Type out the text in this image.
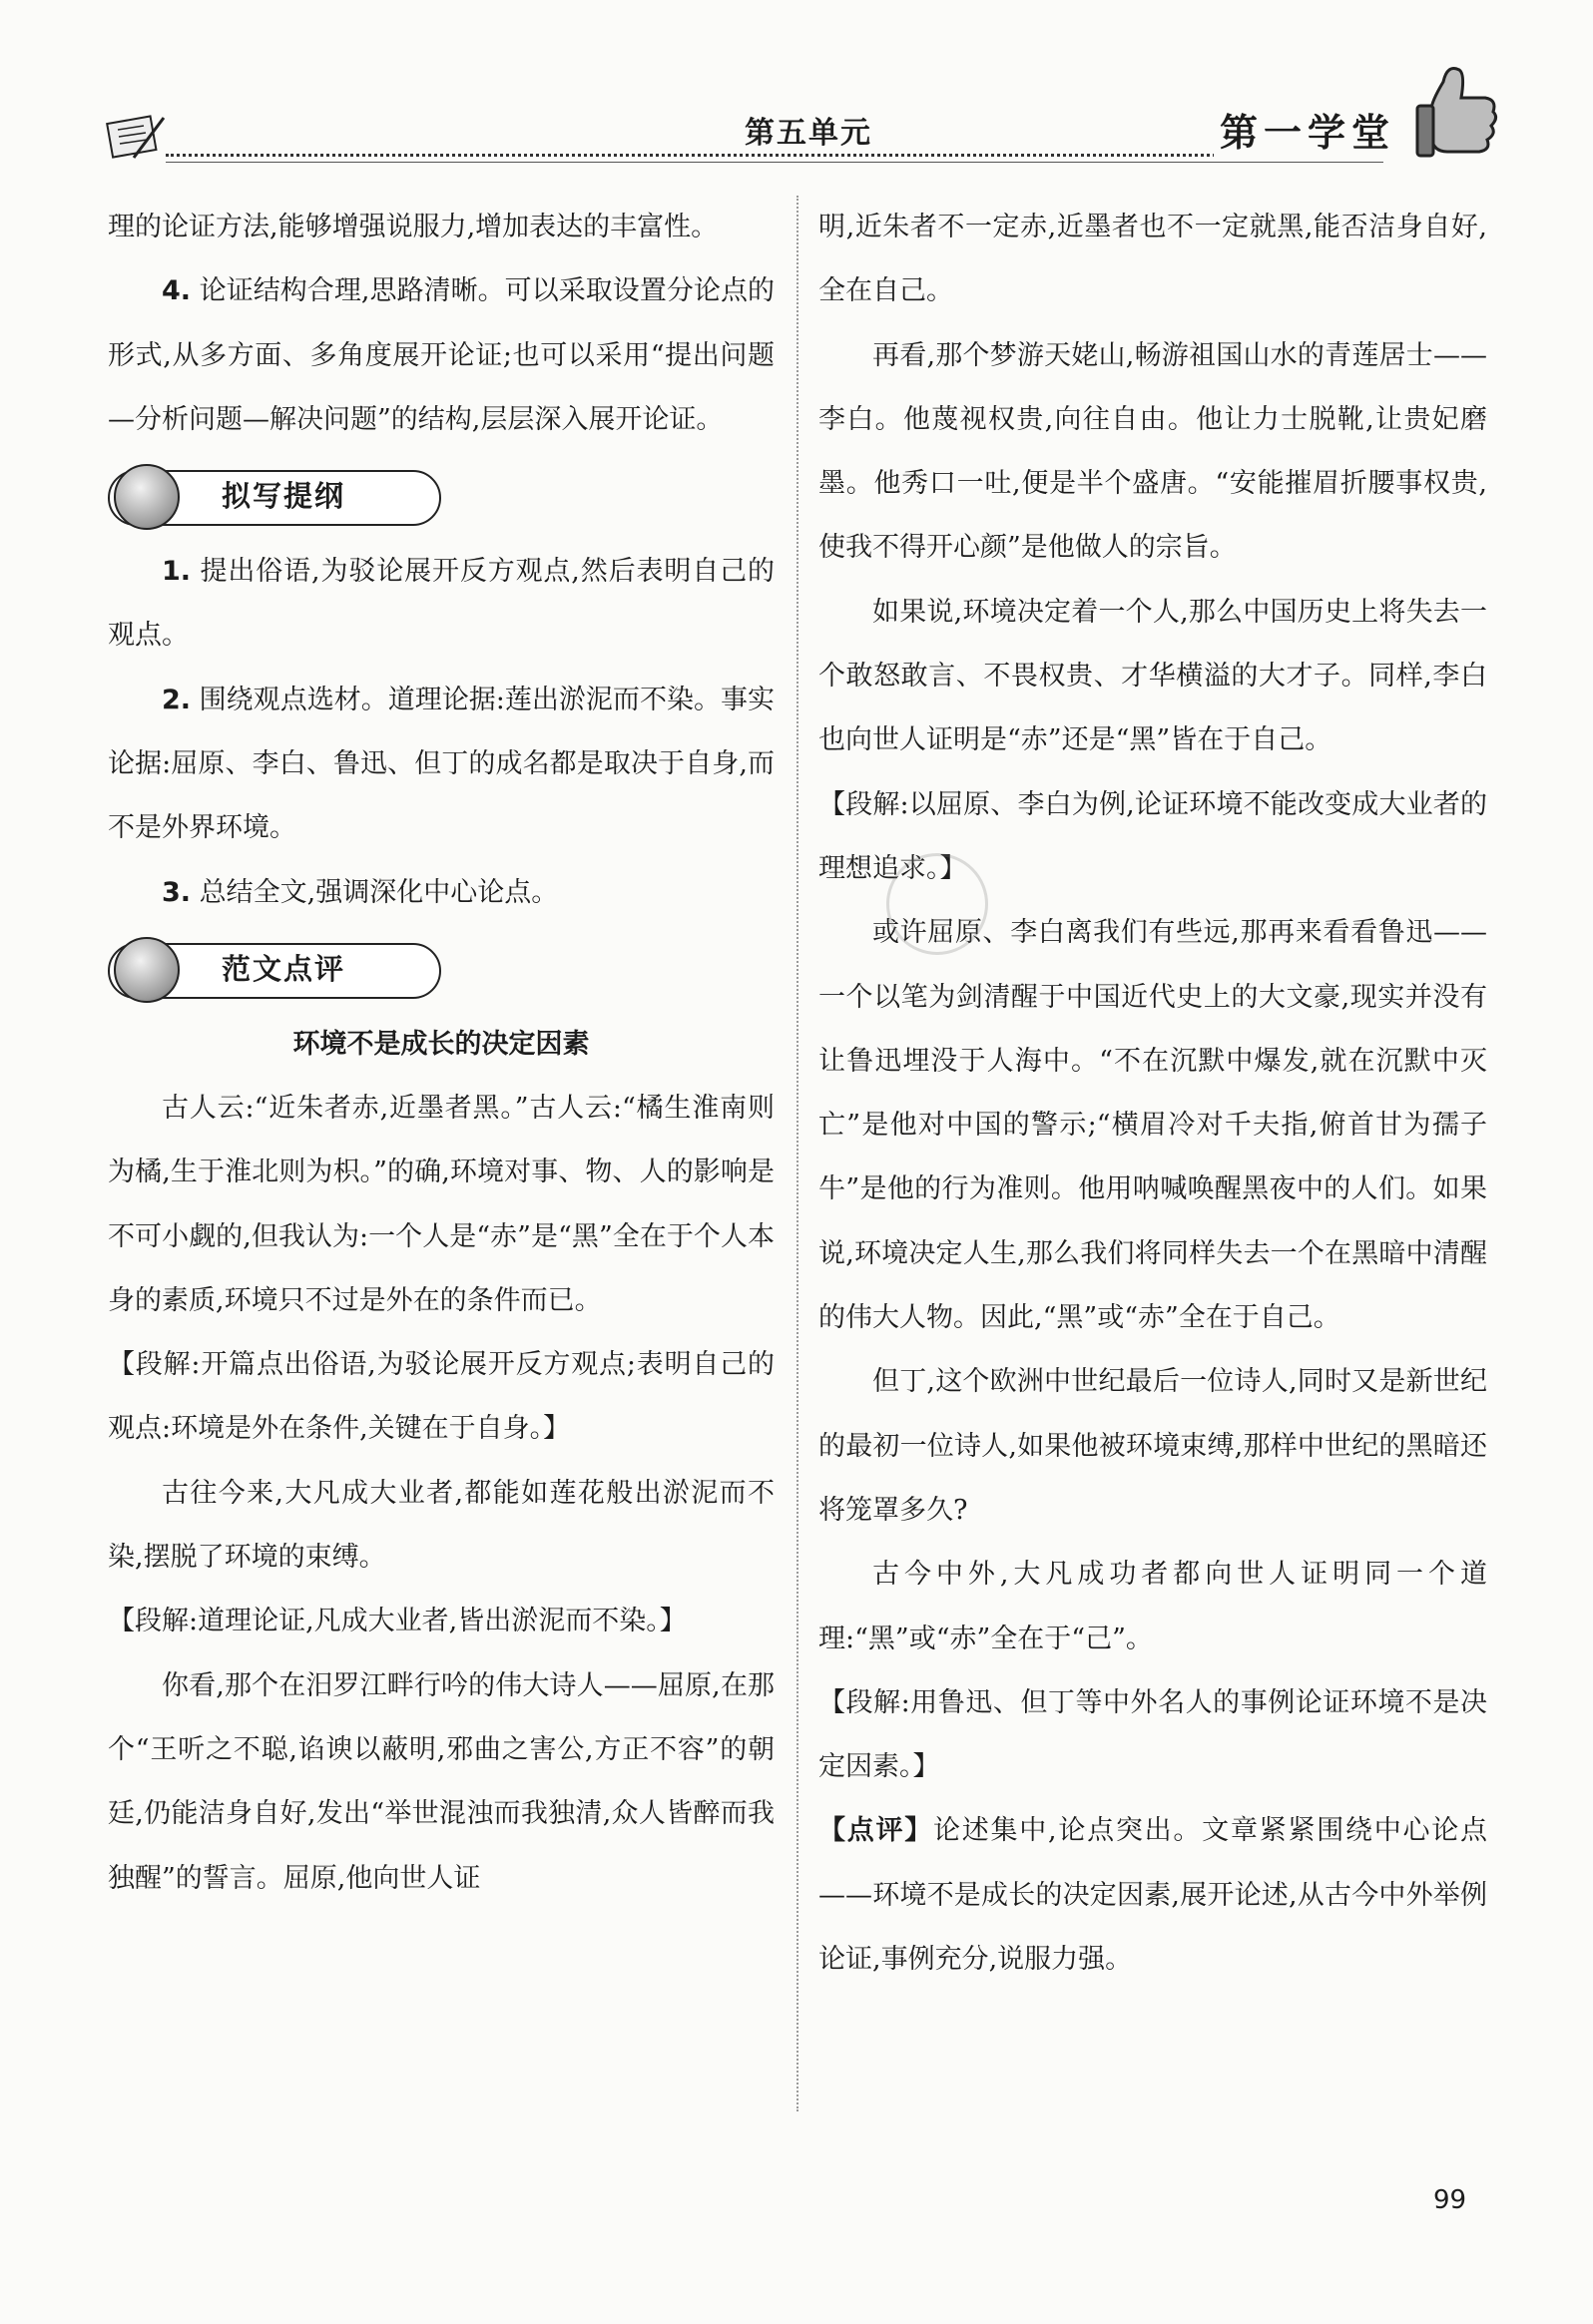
第五单元	第一学堂

理的论证方法,能够增强说服力,增加表达的丰富性。

4. 论证结构合理,思路清晰。可以采取设置分论点的形式,从多方面、多角度展开论证;也可以采用“提出问题—分析问题—解决问题”的结构,层层深入展开论证。

拟写提纲

1. 提出俗语,为驳论展开反方观点,然后表明自己的观点。

2. 围绕观点选材。道理论据:莲出淤泥而不染。事实论据:屈原、李白、鲁迅、但丁的成名都是取决于自身,而不是外界环境。

3. 总结全文,强调深化中心论点。

范文点评

环境不是成长的决定因素

古人云:“近朱者赤,近墨者黑。”古人云:“橘生淮南则为橘,生于淮北则为枳。”的确,环境对事、物、人的影响是不可小觑的,但我认为:一个人是“赤”是“黑”全在于个人本身的素质,环境只不过是外在的条件而已。

【段解:开篇点出俗语,为驳论展开反方观点;表明自己的观点:环境是外在条件,关键在于自身。】

古往今来,大凡成大业者,都能如莲花般出淤泥而不染,摆脱了环境的束缚。

【段解:道理论证,凡成大业者,皆出淤泥而不染。】

你看,那个在汨罗江畔行吟的伟大诗人——屈原,在那个“王听之不聪,谄谀以蔽明,邪曲之害公,方正不容”的朝廷,仍能洁身自好,发出“举世混浊而我独清,众人皆醉而我独醒”的誓言。屈原,他向世人证

明,近朱者不一定赤,近墨者也不一定就黑,能否洁身自好,全在自己。

再看,那个梦游天姥山,畅游祖国山水的青莲居士——李白。他蔑视权贵,向往自由。他让力士脱靴,让贵妃磨墨。他秀口一吐,便是半个盛唐。“安能摧眉折腰事权贵,使我不得开心颜”是他做人的宗旨。

如果说,环境决定着一个人,那么中国历史上将失去一个敢怒敢言、不畏权贵、才华横溢的大才子。同样,李白也向世人证明是“赤”还是“黑”皆在于自己。

【段解:以屈原、李白为例,论证环境不能改变成大业者的理想追求。】

或许屈原、李白离我们有些远,那再来看看鲁迅——一个以笔为剑清醒于中国近代史上的大文豪,现实并没有让鲁迅埋没于人海中。“不在沉默中爆发,就在沉默中灭亡”是他对中国的警示;“横眉冷对千夫指,俯首甘为孺子牛”是他的行为准则。他用呐喊唤醒黑夜中的人们。如果说,环境决定人生,那么我们将同样失去一个在黑暗中清醒的伟大人物。因此,“黑”或“赤”全在于自己。

但丁,这个欧洲中世纪最后一位诗人,同时又是新世纪的最初一位诗人,如果他被环境束缚,那样中世纪的黑暗还将笼罩多久?

古今中外,大凡成功者都向世人证明同一个道理:“黑”或“赤”全在于“己”。

【段解:用鲁迅、但丁等中外名人的事例论证环境不是决定因素。】

【点评】论述集中,论点突出。文章紧紧围绕中心论点——环境不是成长的决定因素,展开论述,从古今中外举例论证,事例充分,说服力强。

99
